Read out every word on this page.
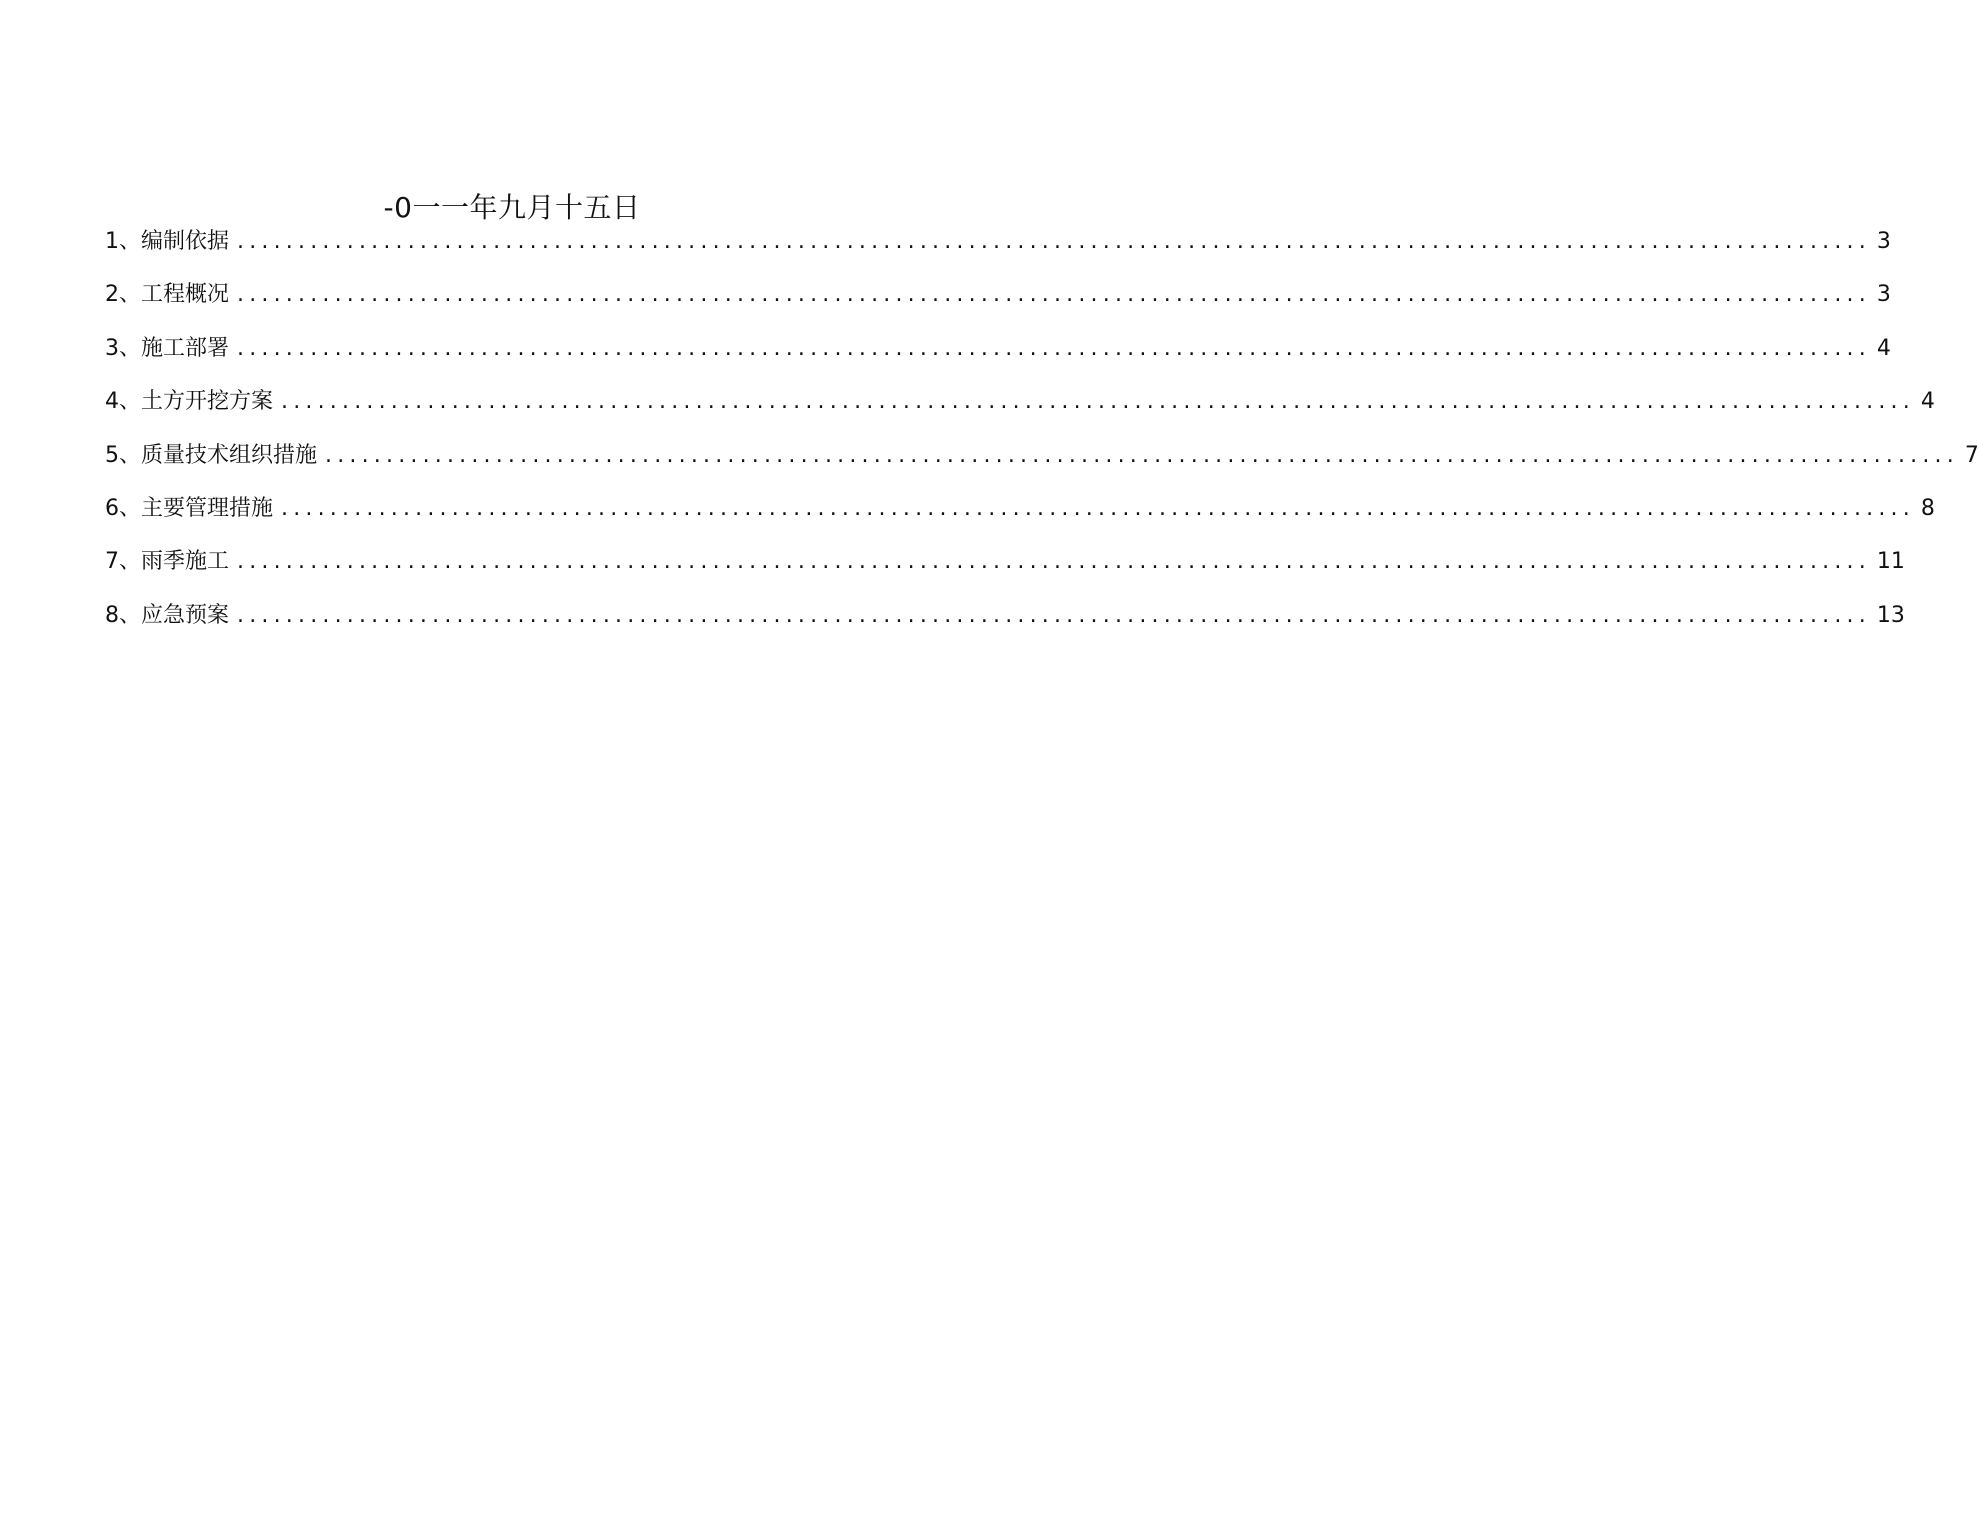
-0一一年九月十五日
1 、 编制依据 ...................................................................................................................................... 3
2 、 工程概况 ...................................................................................................................................... 3
3 、 施工部署 ...................................................................................................................................... 4
4 、 土方开挖方案 ...................................................................................................................................... 4
5 、 质量技术组织措施 ...................................................................................................................................... 7
6 、 主要管理措施 ...................................................................................................................................... 8
7 、 雨季施工 ...................................................................................................................................... 11
8 、 应急预案 ...................................................................................................................................... 13
